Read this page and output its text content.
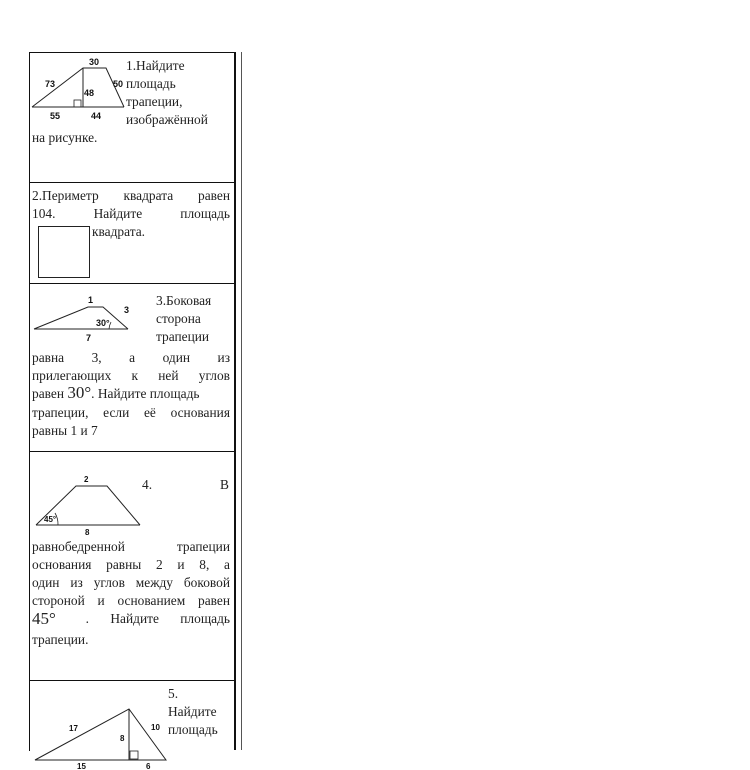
30
73
48
50
55	44
1.Найдите
площадь
трапеции,
изображённой
на рисунке.
2.Периметр квадрата равен
104. Найдите площадь
квадрата.
1
3
30°
7
3.Боковая
сторона
трапеции
равна 3, а один из
прилегающих к ней углов
равен 30°. Найдите площадь
трапеции, если её основания
равны 1 и 7
2
45°
8
4.	В
равнобедренной трапеции
основания равны 2 и 8, а
один из углов между боковой
стороной и основанием равен
45° . Найдите площадь
трапеции.
17
8
10
15	6
5.
Найдите
площадь
